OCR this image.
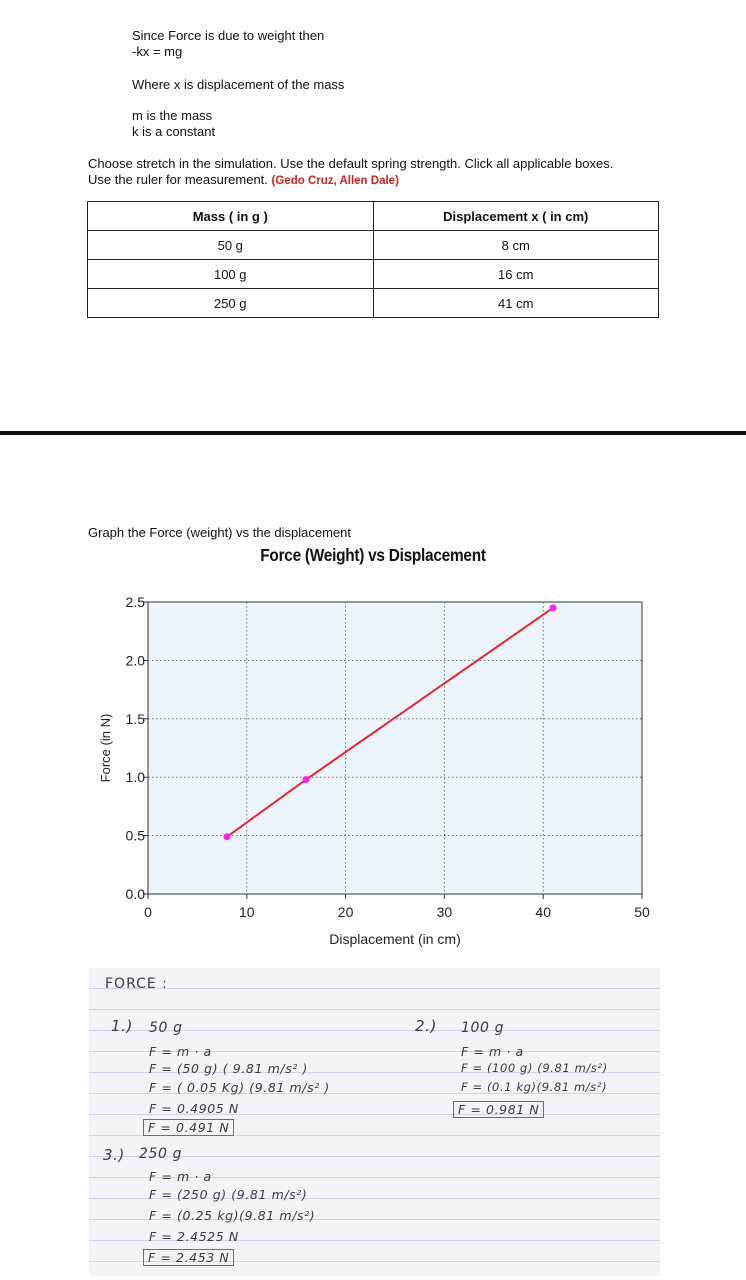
Since Force is due to weight then
-kx = mg
Where x is displacement of the mass
m is the mass
k is a constant
Choose stretch in the simulation. Use the default spring strength. Click all applicable boxes.
Use the ruler for measurement. (Gedo Cruz, Allen Dale)
Mass ( in g )	Displacement x ( in cm)
50 g	8 cm
100 g	16 cm
250 g	41 cm
Graph the Force (weight) vs the displacement
Force (Weight) vs Displacement
0	10	20	30	40	50
0.0
0.5
1.0
1.5
2.0
2.5
Force (in N)
Displacement (in cm)
FORCE :
1.) 50 g
F = m · a
F = (50 g) ( 9.81 m/s² )
F = ( 0.05 Kg) (9.81 m/s² )
F = 0.4905 N
F = 0.491 N
2.) 100 g
F = m · a
F = (100 g) (9.81 m/s²)
F = (0.1 kg)(9.81 m/s²)
F = 0.981 N
3.) 250 g
F = m · a
F = (250 g) (9.81 m/s²)
F = (0.25 kg)(9.81 m/s²)
F = 2.4525 N
F = 2.453 N
